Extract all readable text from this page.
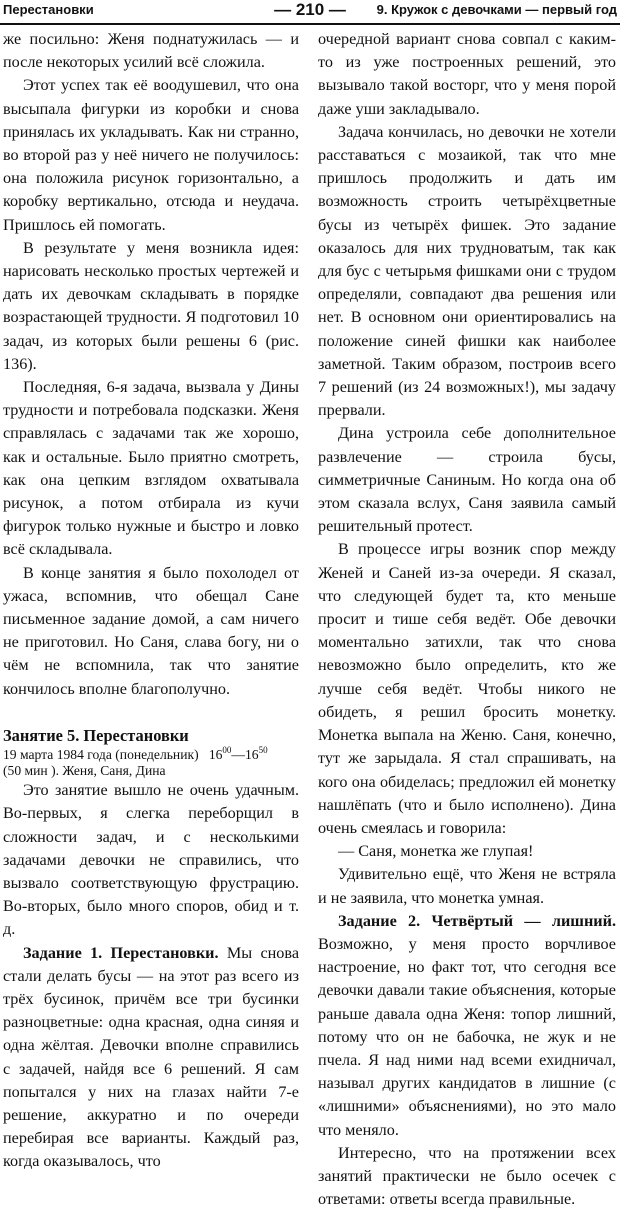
Перестановки	— 210 —	9. Кружок с девочками — первый год

же посильно: Женя поднатужилась — и после некоторых усилий всё сложила.

Этот успех так её воодушевил, что она высыпала фигурки из коробки и снова принялась их укладывать. Как ни странно, во второй раз у неё ничего не получилось: она положила рисунок горизонтально, а коробку вертикально, отсюда и неудача. Пришлось ей помогать.

В результате у меня возникла идея: нарисовать несколько простых чертежей и дать их девочкам складывать в порядке возрастающей трудности. Я подготовил 10 задач, из которых были решены 6 (рис. 136).

Последняя, 6-я задача, вызвала у Дины трудности и потребовала подсказки. Женя справлялась с задачами так же хорошо, как и остальные. Было приятно смотреть, как она цепким взглядом охватывала рисунок, а потом отбирала из кучи фигурок только нужные и быстро и ловко всё складывала.

В конце занятия я было похолодел от ужаса, вспомнив, что обещал Сане письменное задание домой, а сам ничего не приготовил. Но Саня, слава богу, ни о чём не вспомнила, так что занятие кончилось вполне благополучно.

Занятие 5. Перестановки

19 марта 1984 года (понедельник) $16^{00}—16^{50}$
(50 мин ). Женя, Саня, Дина

Это занятие вышло не очень удачным. Во-первых, я слегка переборщил в сложности задач, и с несколькими задачами девочки не справились, что вызвало соответствующую фрустрацию. Во-вторых, было много споров, обид и т. д.

Задание 1. Перестановки. Мы снова стали делать бусы — на этот раз всего из трёх бусинок, причём все три бусинки разноцветные: одна красная, одна синяя и одна жёлтая. Девочки вполне справились с задачей, найдя все 6 решений. Я сам попытался у них на глазах найти 7-е решение, аккуратно и по очереди перебирая все варианты. Каждый раз, когда оказывалось, что

очередной вариант снова совпал с каким-то из уже построенных решений, это вызывало такой восторг, что у меня порой даже уши закладывало.

Задача кончилась, но девочки не хотели расставаться с мозаикой, так что мне пришлось продолжить и дать им возможность строить четырёхцветные бусы из четырёх фишек. Это задание оказалось для них трудноватым, так как для бус с четырьмя фишками они с трудом определяли, совпадают два решения или нет. В основном они ориентировались на положение синей фишки как наиболее заметной. Таким образом, построив всего 7 решений (из 24 возможных!), мы задачу прервали.

Дина устроила себе дополнительное развлечение — строила бусы, симметричные Саниным. Но когда она об этом сказала вслух, Саня заявила самый решительный протест.

В процессе игры возник спор между Женей и Саней из-за очереди. Я сказал, что следующей будет та, кто меньше просит и тише себя ведёт. Обе девочки моментально затихли, так что снова невозможно было определить, кто же лучше себя ведёт. Чтобы никого не обидеть, я решил бросить монетку. Монетка выпала на Женю. Саня, конечно, тут же зарыдала. Я стал спрашивать, на кого она обиделась; предложил ей монетку нашлёпать (что и было исполнено). Дина очень смеялась и говорила:

— Саня, монетка же глупая!

Удивительно ещё, что Женя не встряла и не заявила, что монетка умная.

Задание 2. Четвёртый — лишний. Возможно, у меня просто ворчливое настроение, но факт тот, что сегодня все девочки давали такие объяснения, которые раньше давала одна Женя: топор лишний, потому что он не бабочка, не жук и не пчела. Я над ними над всеми ехидничал, называл других кандидатов в лишние (с «лишними» объяснениями), но это мало что меняло.

Интересно, что на протяжении всех занятий практически не было осечек с ответами: ответы всегда правильные.
